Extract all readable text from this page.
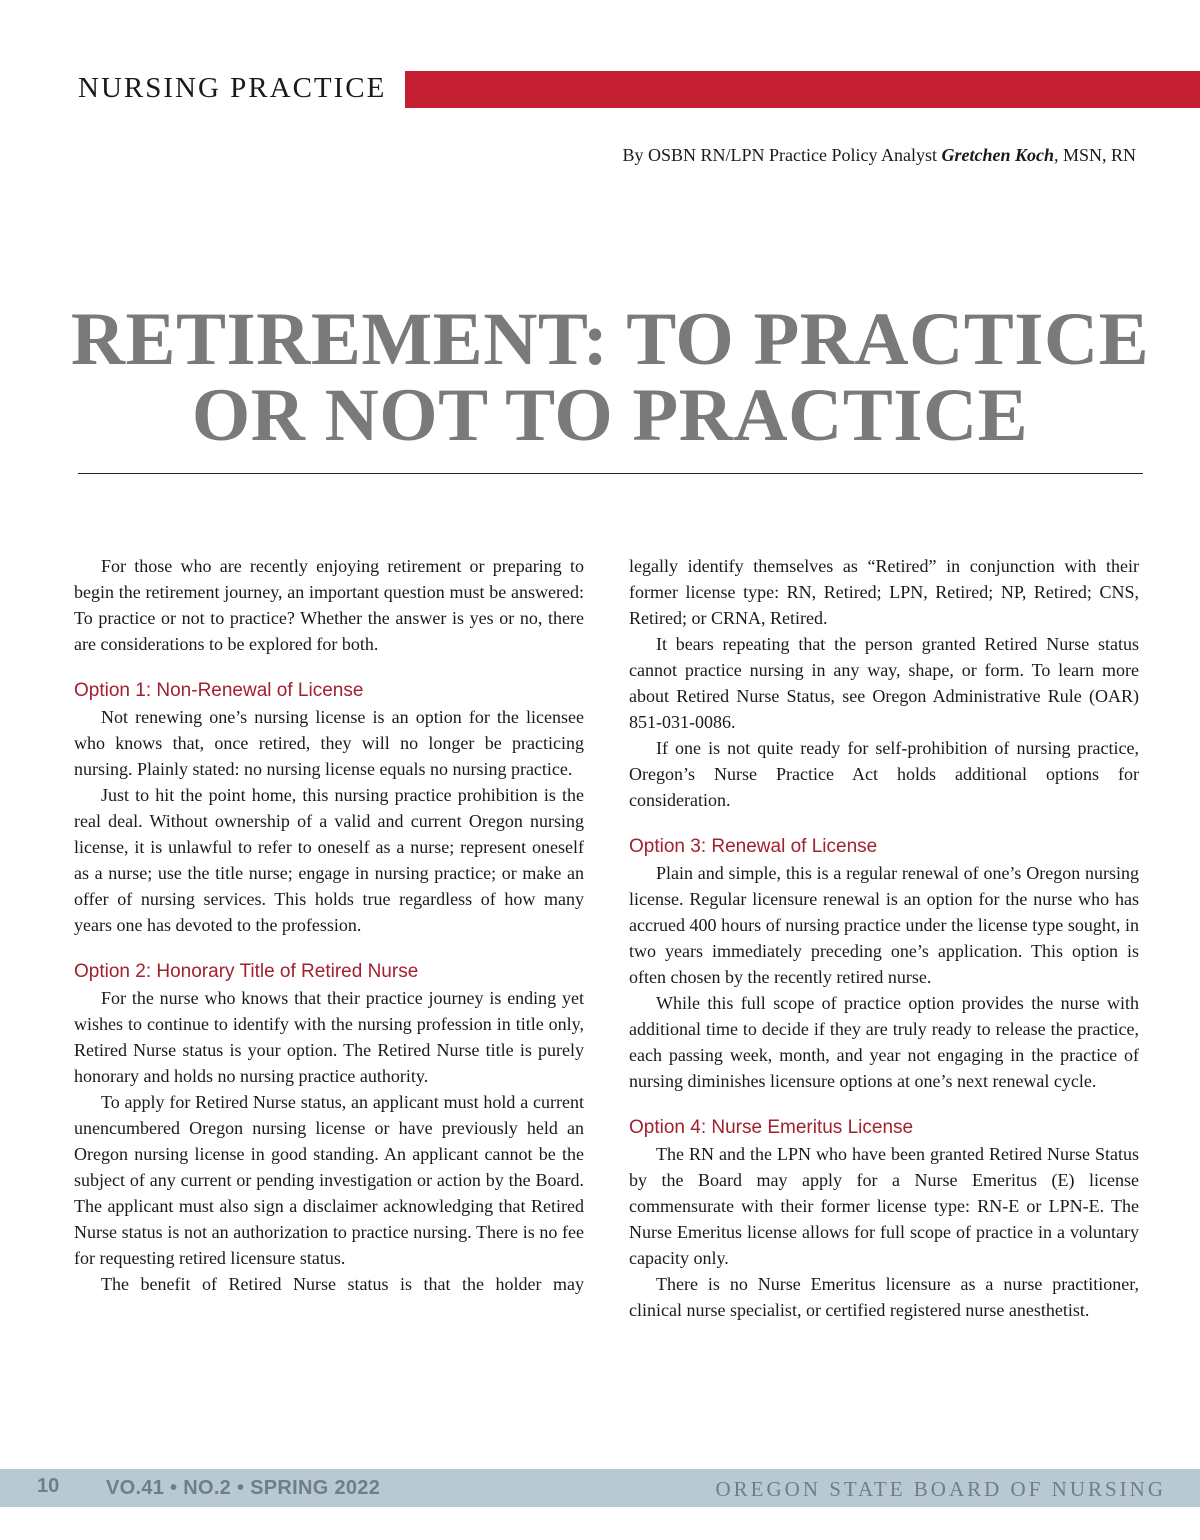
NURSING PRACTICE
By OSBN RN/LPN Practice Policy Analyst Gretchen Koch, MSN, RN
RETIREMENT: TO PRACTICE
OR NOT TO PRACTICE

For those who are recently enjoying retirement or preparing to begin the retirement journey, an important question must be answered: To practice or not to practice? Whether the answer is yes or no, there are considerations to be explored for both.

Option 1: Non-Renewal of License

Not renewing one’s nursing license is an option for the licensee who knows that, once retired, they will no longer be practicing nursing. Plainly stated: no nursing license equals no nursing practice.

Just to hit the point home, this nursing practice prohibition is the real deal. Without ownership of a valid and current Oregon nursing license, it is unlawful to refer to oneself as a nurse; represent oneself as a nurse; use the title nurse; engage in nursing practice; or make an offer of nursing services. This holds true regardless of how many years one has devoted to the profession.

Option 2: Honorary Title of Retired Nurse

For the nurse who knows that their practice journey is ending yet wishes to continue to identify with the nursing profession in title only, Retired Nurse status is your option. The Retired Nurse title is purely honorary and holds no nursing practice authority.

To apply for Retired Nurse status, an applicant must hold a current unencumbered Oregon nursing license or have previously held an Oregon nursing license in good standing. An applicant cannot be the subject of any current or pending investigation or action by the Board. The applicant must also sign a disclaimer acknowledging that Retired Nurse status is not an authorization to practice nursing. There is no fee for requesting retired licensure status.

The benefit of Retired Nurse status is that the holder may

legally identify themselves as “Retired” in conjunction with their former license type: RN, Retired; LPN, Retired; NP, Retired; CNS, Retired; or CRNA, Retired.

It bears repeating that the person granted Retired Nurse status cannot practice nursing in any way, shape, or form. To learn more about Retired Nurse Status, see Oregon Administrative Rule (OAR) 851-031-0086.

If one is not quite ready for self-prohibition of nursing practice, Oregon’s Nurse Practice Act holds additional options for consideration.

Option 3: Renewal of License

Plain and simple, this is a regular renewal of one’s Oregon nursing license. Regular licensure renewal is an option for the nurse who has accrued 400 hours of nursing practice under the license type sought, in two years immediately preceding one’s application. This option is often chosen by the recently retired nurse.

While this full scope of practice option provides the nurse with additional time to decide if they are truly ready to release the practice, each passing week, month, and year not engaging in the practice of nursing diminishes licensure options at one’s next renewal cycle.

Option 4: Nurse Emeritus License

The RN and the LPN who have been granted Retired Nurse Status by the Board may apply for a Nurse Emeritus (E) license commensurate with their former license type: RN-E or LPN-E. The Nurse Emeritus license allows for full scope of practice in a voluntary capacity only.

There is no Nurse Emeritus licensure as a nurse practitioner, clinical nurse specialist, or certified registered nurse anesthetist.

10 VO.41 • NO.2 • SPRING 2022	OREGON STATE BOARD OF NURSING
